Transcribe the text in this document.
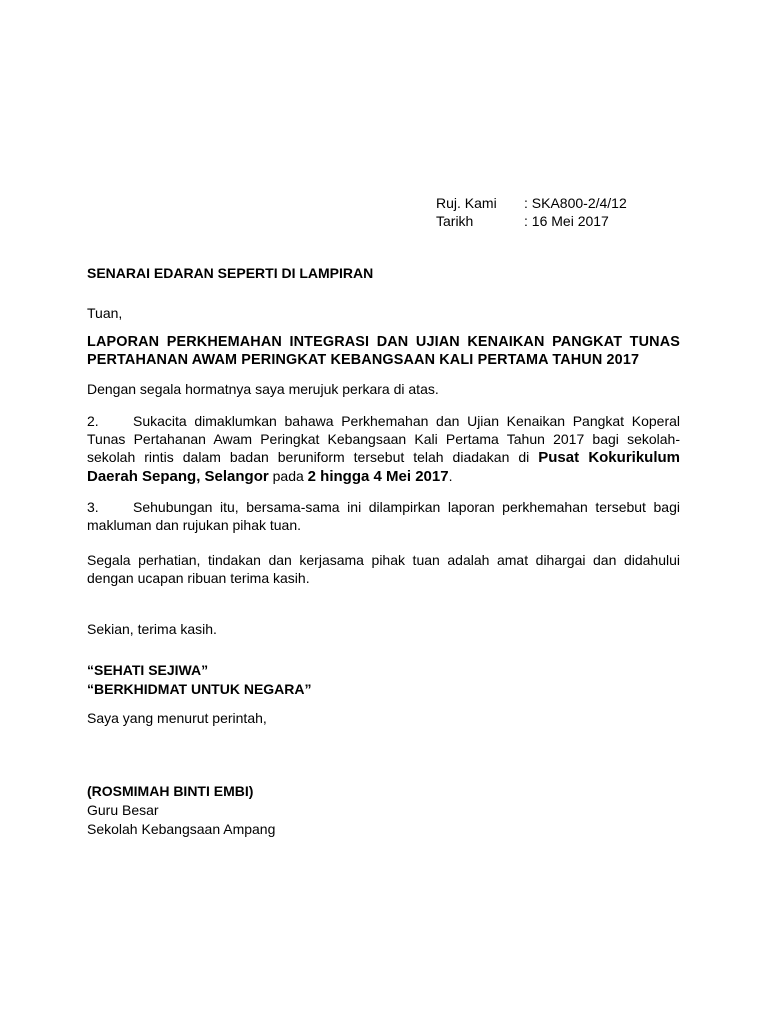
Ruj. Kami	: SKA800-2/4/12
Tarikh	: 16 Mei 2017
SENARAI EDARAN SEPERTI DI LAMPIRAN
Tuan,
LAPORAN PERKHEMAHAN INTEGRASI DAN UJIAN KENAIKAN PANGKAT TUNAS PERTAHANAN AWAM PERINGKAT KEBANGSAAN KALI PERTAMA TAHUN 2017
Dengan segala hormatnya saya merujuk perkara di atas.
2. Sukacita dimaklumkan bahawa Perkhemahan dan Ujian Kenaikan Pangkat Koperal Tunas Pertahanan Awam Peringkat Kebangsaan Kali Pertama Tahun 2017 bagi sekolah-sekolah rintis dalam badan beruniform tersebut telah diadakan di Pusat Kokurikulum Daerah Sepang, Selangor pada 2 hingga 4 Mei 2017.
3. Sehubungan itu, bersama-sama ini dilampirkan laporan perkhemahan tersebut bagi makluman dan rujukan pihak tuan.
Segala perhatian, tindakan dan kerjasama pihak tuan adalah amat dihargai dan didahului dengan ucapan ribuan terima kasih.
Sekian, terima kasih.
“SEHATI SEJIWA”
“BERKHIDMAT UNTUK NEGARA”
Saya yang menurut perintah,
(ROSMIMAH BINTI EMBI)
Guru Besar
Sekolah Kebangsaan Ampang
